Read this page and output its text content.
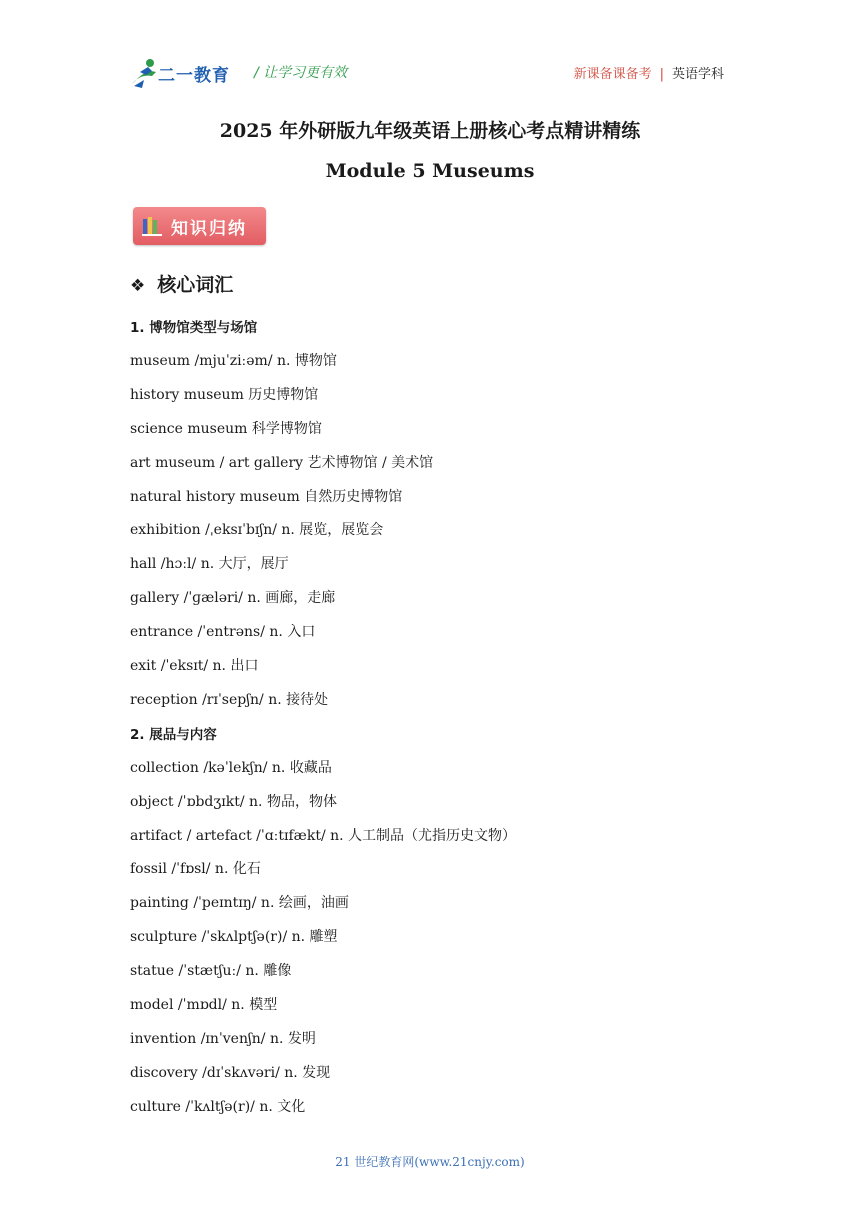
二一教育 / 让学习更有效	新课备课备考 | 英语学科
2025 年外研版九年级英语上册核心考点精讲精练
Module 5 Museums
知识归纳
❖ 核心词汇
1. 博物馆类型与场馆
museum /mjuˈziːəm/ n. 博物馆
history museum 历史博物馆
science museum 科学博物馆
art museum / art gallery 艺术博物馆 / 美术馆
natural history museum 自然历史博物馆
exhibition /ˌeksɪˈbɪʃn/ n. 展览，展览会
hall /hɔːl/ n. 大厅，展厅
gallery /ˈɡæləri/ n. 画廊，走廊
entrance /ˈentrəns/ n. 入口
exit /ˈeksɪt/ n. 出口
reception /rɪˈsepʃn/ n. 接待处
2. 展品与内容
collection /kəˈlekʃn/ n. 收藏品
object /ˈɒbdʒɪkt/ n. 物品，物体
artifact / artefact /ˈɑːtɪfækt/ n. 人工制品（尤指历史文物）
fossil /ˈfɒsl/ n. 化石
painting /ˈpeɪntɪŋ/ n. 绘画，油画
sculpture /ˈskʌlptʃə(r)/ n. 雕塑
statue /ˈstætʃuː/ n. 雕像
model /ˈmɒdl/ n. 模型
invention /ɪnˈvenʃn/ n. 发明
discovery /dɪˈskʌvəri/ n. 发现
culture /ˈkʌltʃə(r)/ n. 文化
21 世纪教育网(www.21cnjy.com)
